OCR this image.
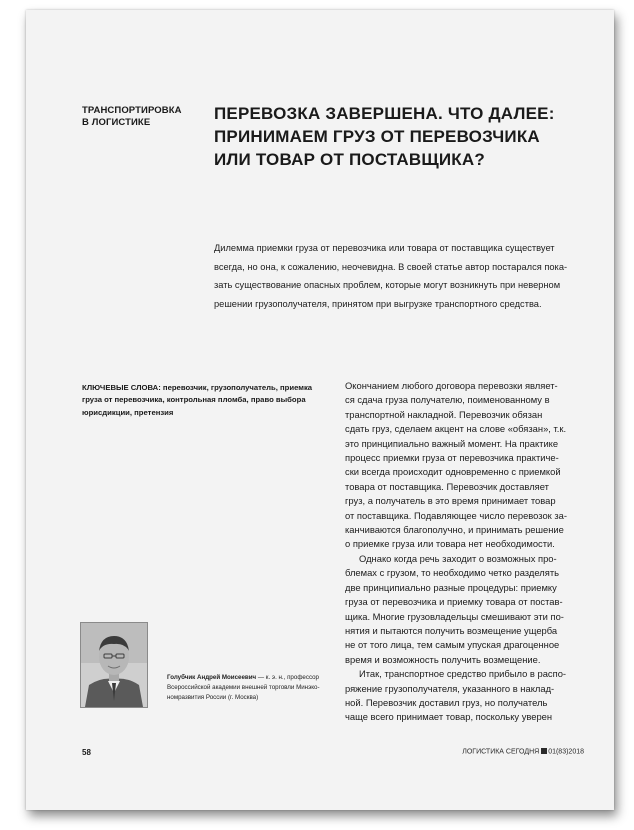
ТРАНСПОРТИРОВКА
В ЛОГИСТИКЕ	ПЕРЕВОЗКА ЗАВЕРШЕНА. ЧТО ДАЛЕЕ:
ПРИНИМАЕМ ГРУЗ ОТ ПЕРЕВОЗЧИКА
ИЛИ ТОВАР ОТ ПОСТАВЩИКА?
Дилемма приемки груза от перевозчика или товара от поставщика существует
всегда, но она, к сожалению, неочевидна. В своей статье автор постарался пока-
зать существование опасных проблем, которые могут возникнуть при неверном
решении грузополучателя, принятом при выгрузке транспортного средства.
КЛЮЧЕВЫЕ СЛОВА: перевозчик, грузополучатель, приемка
груза от перевозчика, контрольная пломба, право выбора
юрисдикции, претензия
Окончанием любого договора перевозки являет-
ся сдача груза получателю, поименованному в
транспортной накладной. Перевозчик обязан
сдать груз, сделаем акцент на слове «обязан», т.к.
это принципиально важный момент. На практике
процесс приемки груза от перевозчика практиче-
ски всегда происходит одновременно с приемкой
товара от поставщика. Перевозчик доставляет
груз, а получатель в это время принимает товар
от поставщика. Подавляющее число перевозок за-
канчиваются благополучно, и принимать решение
о приемке груза или товара нет необходимости.
Однако когда речь заходит о возможных про-
блемах с грузом, то необходимо четко разделять
две принципиально разные процедуры: приемку
груза от перевозчика и приемку товара от постав-
щика. Многие грузовладельцы смешивают эти по-
нятия и пытаются получить возмещение ущерба
не от того лица, тем самым упуская драгоценное
время и возможность получить возмещение.
Итак, транспортное средство прибыло в распо-
ряжение грузополучателя, указанного в наклад-
ной. Перевозчик доставил груз, но получатель
чаще всего принимает товар, поскольку уверен
Голубчик Андрей Моисеевич — к. э. н., профессор
Всероссийской академии внешней торговли Минэко-
номразвития России (г. Москва)
58	ЛОГИСТИКА СЕГОДНЯ 01(83)2018
